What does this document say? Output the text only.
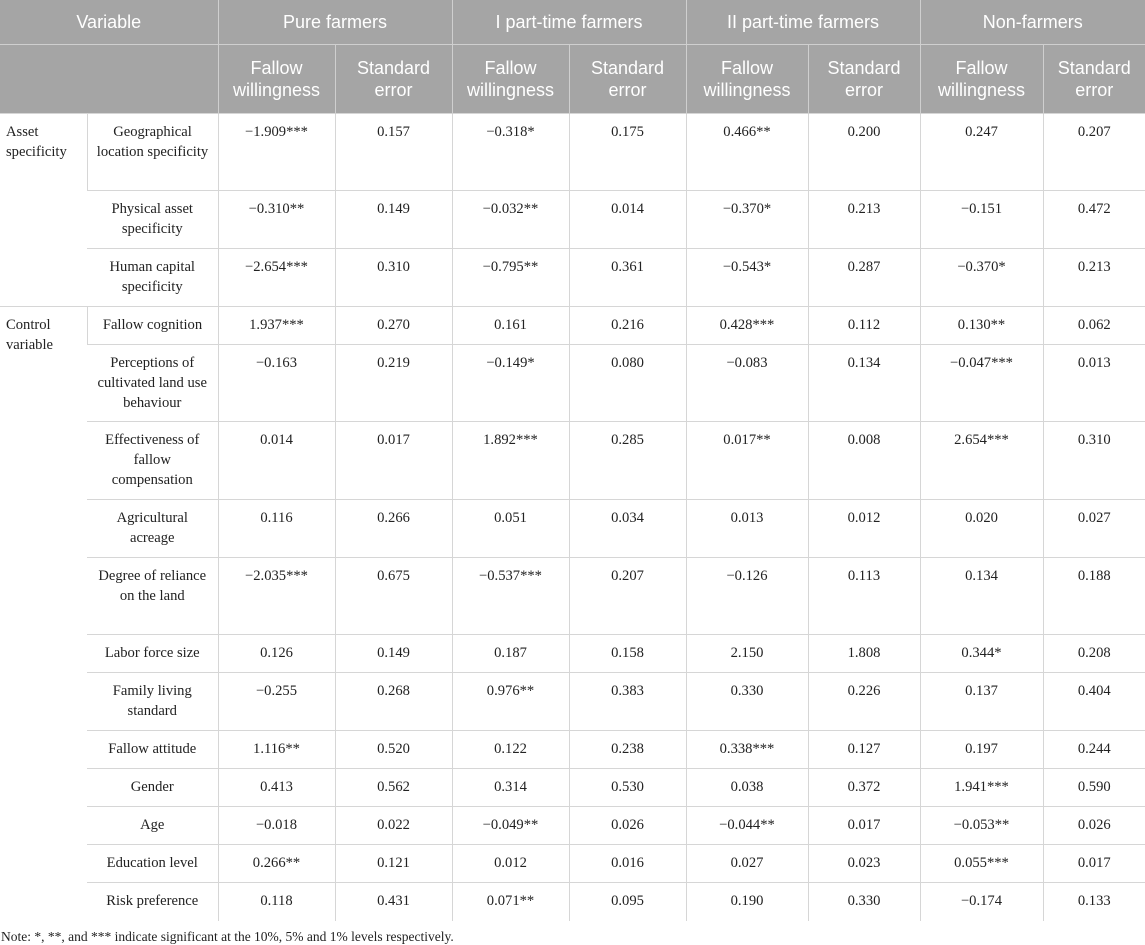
Variable		Pure farmers		I part-time farmers		II part-time farmers		Non-farmers	
		Fallow willingness	Standard error	Fallow willingness	Standard error	Fallow willingness	Standard error	Fallow willingness	Standard error
Asset specificity	Geographical location specificity	−1.909***	0.157	−0.318*	0.175	0.466**	0.200	0.247	0.207
	Physical asset specificity	−0.310**	0.149	−0.032**	0.014	−0.370*	0.213	−0.151	0.472
	Human capital specificity	−2.654***	0.310	−0.795**	0.361	−0.543*	0.287	−0.370*	0.213
Control variable	Fallow cognition	1.937***	0.270	0.161	0.216	0.428***	0.112	0.130**	0.062
	Perceptions of cultivated land use behaviour	−0.163	0.219	−0.149*	0.080	−0.083	0.134	−0.047***	0.013
	Effectiveness of fallow compensation	0.014	0.017	1.892***	0.285	0.017**	0.008	2.654***	0.310
	Agricultural acreage	0.116	0.266	0.051	0.034	0.013	0.012	0.020	0.027
	Degree of reliance on the land	−2.035***	0.675	−0.537***	0.207	−0.126	0.113	0.134	0.188
	Labor force size	0.126	0.149	0.187	0.158	2.150	1.808	0.344*	0.208
	Family living standard	−0.255	0.268	0.976**	0.383	0.330	0.226	0.137	0.404
	Fallow attitude	1.116**	0.520	0.122	0.238	0.338***	0.127	0.197	0.244
	Gender	0.413	0.562	0.314	0.530	0.038	0.372	1.941***	0.590
	Age	−0.018	0.022	−0.049**	0.026	−0.044**	0.017	−0.053**	0.026
	Education level	0.266**	0.121	0.012	0.016	0.027	0.023	0.055***	0.017
	Risk preference	0.118	0.431	0.071**	0.095	0.190	0.330	−0.174	0.133
Note: *, **, and *** indicate significant at the 10%, 5% and 1% levels respectively.
